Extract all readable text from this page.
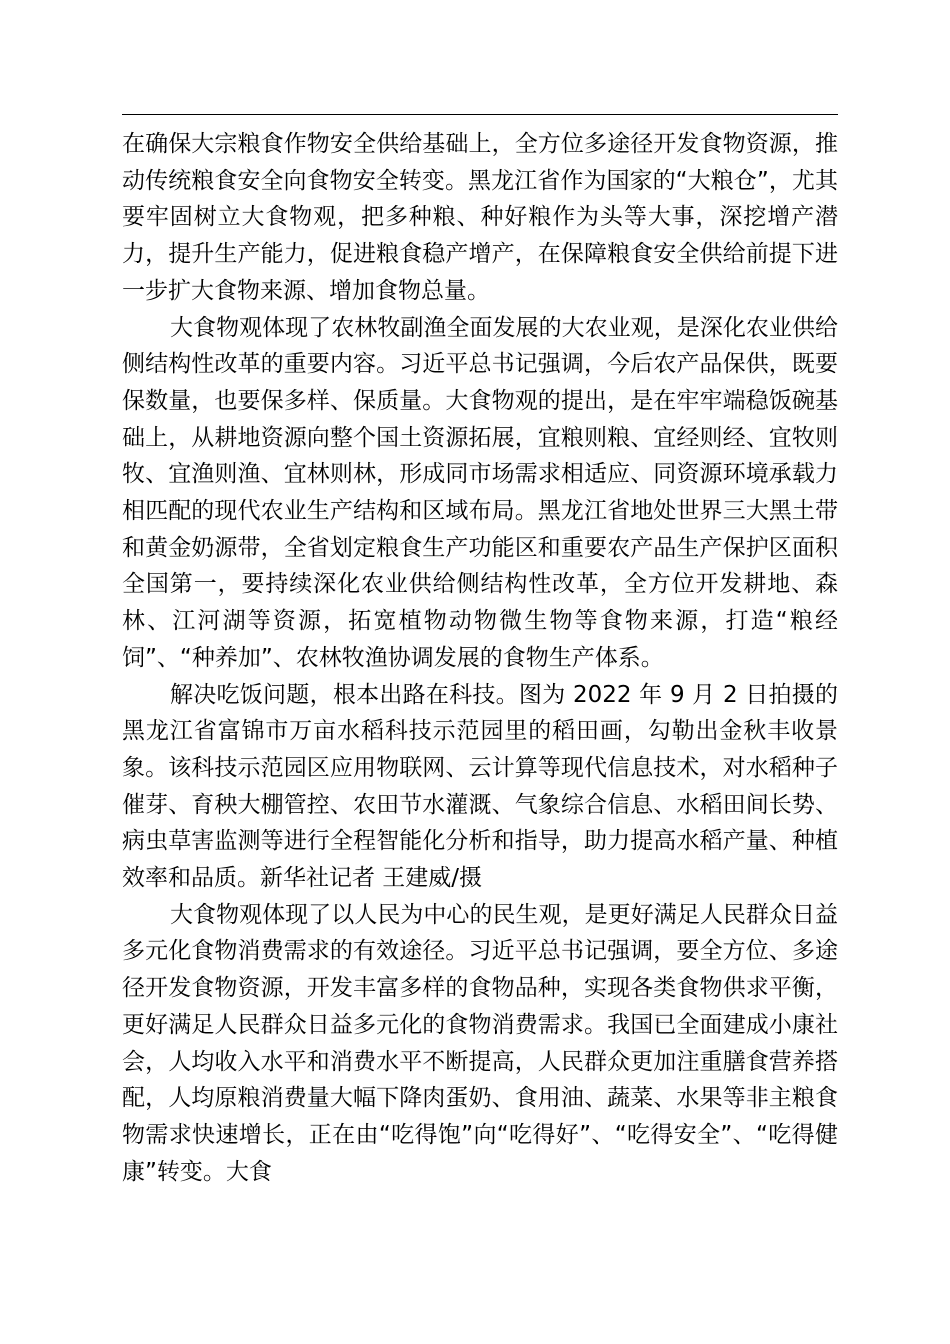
在确保大宗粮食作物安全供给基础上，全方位多途径开发食物资源，推动传统粮食安全向食物安全转变。黑龙江省作为国家的“大粮仓”，尤其要牢固树立大食物观，把多种粮、种好粮作为头等大事，深挖增产潜力，提升生产能力，促进粮食稳产增产，在保障粮食安全供给前提下进一步扩大食物来源、增加食物总量。

大食物观体现了农林牧副渔全面发展的大农业观，是深化农业供给侧结构性改革的重要内容。习近平总书记强调，今后农产品保供，既要保数量，也要保多样、保质量。大食物观的提出，是在牢牢端稳饭碗基础上，从耕地资源向整个国土资源拓展，宜粮则粮、宜经则经、宜牧则牧、宜渔则渔、宜林则林，形成同市场需求相适应、同资源环境承载力相匹配的现代农业生产结构和区域布局。黑龙江省地处世界三大黑土带和黄金奶源带，全省划定粮食生产功能区和重要农产品生产保护区面积全国第一，要持续深化农业供给侧结构性改革，全方位开发耕地、森林、江河湖等资源，拓宽植物动物微生物等食物来源，打造“粮经饲”、“种养加”、农林牧渔协调发展的食物生产体系。

解决吃饭问题，根本出路在科技。图为 2022 年 9 月 2 日拍摄的黑龙江省富锦市万亩水稻科技示范园里的稻田画，勾勒出金秋丰收景象。该科技示范园区应用物联网、云计算等现代信息技术，对水稻种子催芽、育秧大棚管控、农田节水灌溉、气象综合信息、水稻田间长势、病虫草害监测等进行全程智能化分析和指导，助力提高水稻产量、种植效率和品质。新华社记者 王建威/摄

大食物观体现了以人民为中心的民生观，是更好满足人民群众日益多元化食物消费需求的有效途径。习近平总书记强调，要全方位、多途径开发食物资源，开发丰富多样的食物品种，实现各类食物供求平衡，更好满足人民群众日益多元化的食物消费需求。我国已全面建成小康社会，人均收入水平和消费水平不断提高，人民群众更加注重膳食营养搭配，人均原粮消费量大幅下降肉蛋奶、食用油、蔬菜、水果等非主粮食物需求快速增长，正在由“吃得饱”向“吃得好”、“吃得安全”、“吃得健康”转变。大食
